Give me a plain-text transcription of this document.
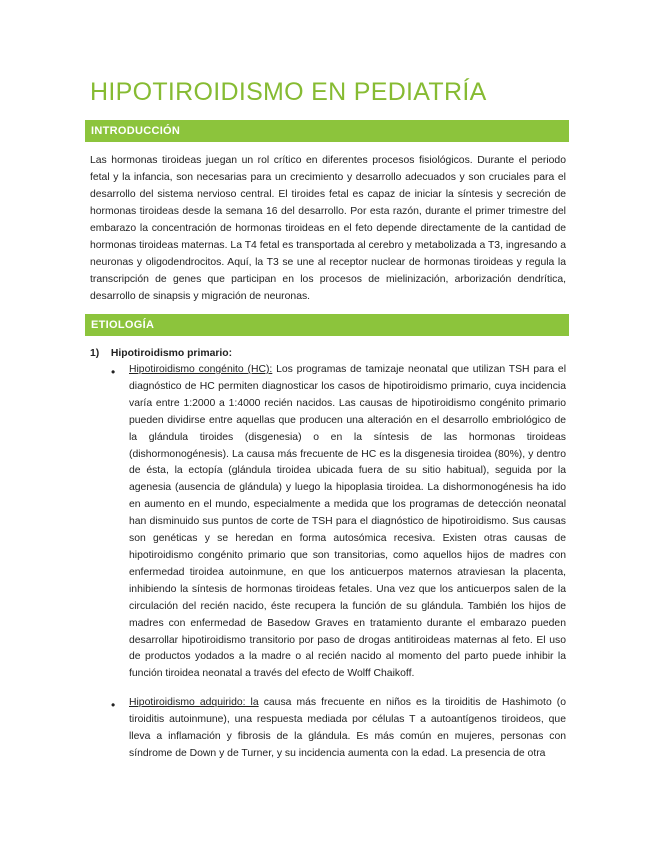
HIPOTIROIDISMO EN PEDIATRÍA
INTRODUCCIÓN

Las hormonas tiroideas juegan un rol crítico en diferentes procesos fisiológicos. Durante el periodo fetal y la infancia, son necesarias para un crecimiento y desarrollo adecuados y son cruciales para el desarrollo del sistema nervioso central. El tiroides fetal es capaz de iniciar la síntesis y secreción de hormonas tiroideas desde la semana 16 del desarrollo. Por esta razón, durante el primer trimestre del embarazo la concentración de hormonas tiroideas en el feto depende directamente de la cantidad de hormonas tiroideas maternas. La T4 fetal es transportada al cerebro y metabolizada a T3, ingresando a neuronas y oligodendrocitos. Aquí, la T3 se une al receptor nuclear de hormonas tiroideas y regula la transcripción de genes que participan en los procesos de mielinización, arborización dendrítica, desarrollo de sinapsis y migración de neuronas.

ETIOLOGÍA
1) Hipotiroidismo primario:
• Hipotiroidismo congénito (HC): Los programas de tamizaje neonatal que utilizan TSH para el diagnóstico de HC permiten diagnosticar los casos de hipotiroidismo primario, cuya incidencia varía entre 1:2000 a 1:4000 recién nacidos. Las causas de hipotiroidismo congénito primario pueden dividirse entre aquellas que producen una alteración en el desarrollo embriológico de la glándula tiroides (disgenesia) o en la síntesis de las hormonas tiroideas (dishormonogénesis). La causa más frecuente de HC es la disgenesia tiroidea (80%), y dentro de ésta, la ectopía (glándula tiroidea ubicada fuera de su sitio habitual), seguida por la agenesia (ausencia de glándula) y luego la hipoplasia tiroidea. La dishormonogénesis ha ido en aumento en el mundo, especialmente a medida que los programas de detección neonatal han disminuido sus puntos de corte de TSH para el diagnóstico de hipotiroidismo. Sus causas son genéticas y se heredan en forma autosómica recesiva. Existen otras causas de hipotiroidismo congénito primario que son transitorias, como aquellos hijos de madres con enfermedad tiroidea autoinmune, en que los anticuerpos maternos atraviesan la placenta, inhibiendo la síntesis de hormonas tiroideas fetales. Una vez que los anticuerpos salen de la circulación del recién nacido, éste recupera la función de su glándula. También los hijos de madres con enfermedad de Basedow Graves en tratamiento durante el embarazo pueden desarrollar hipotiroidismo transitorio por paso de drogas antitiroideas maternas al feto. El uso de productos yodados a la madre o al recién nacido al momento del parto puede inhibir la función tiroidea neonatal a través del efecto de Wolff Chaikoff.

• Hipotiroidismo adquirido: la causa más frecuente en niños es la tiroiditis de Hashimoto (o tiroiditis autoinmune), una respuesta mediada por células T a autoantígenos tiroideos, que lleva a inflamación y fibrosis de la glándula. Es más común en mujeres, personas con síndrome de Down y de Turner, y su incidencia aumenta con la edad. La presencia de otra
